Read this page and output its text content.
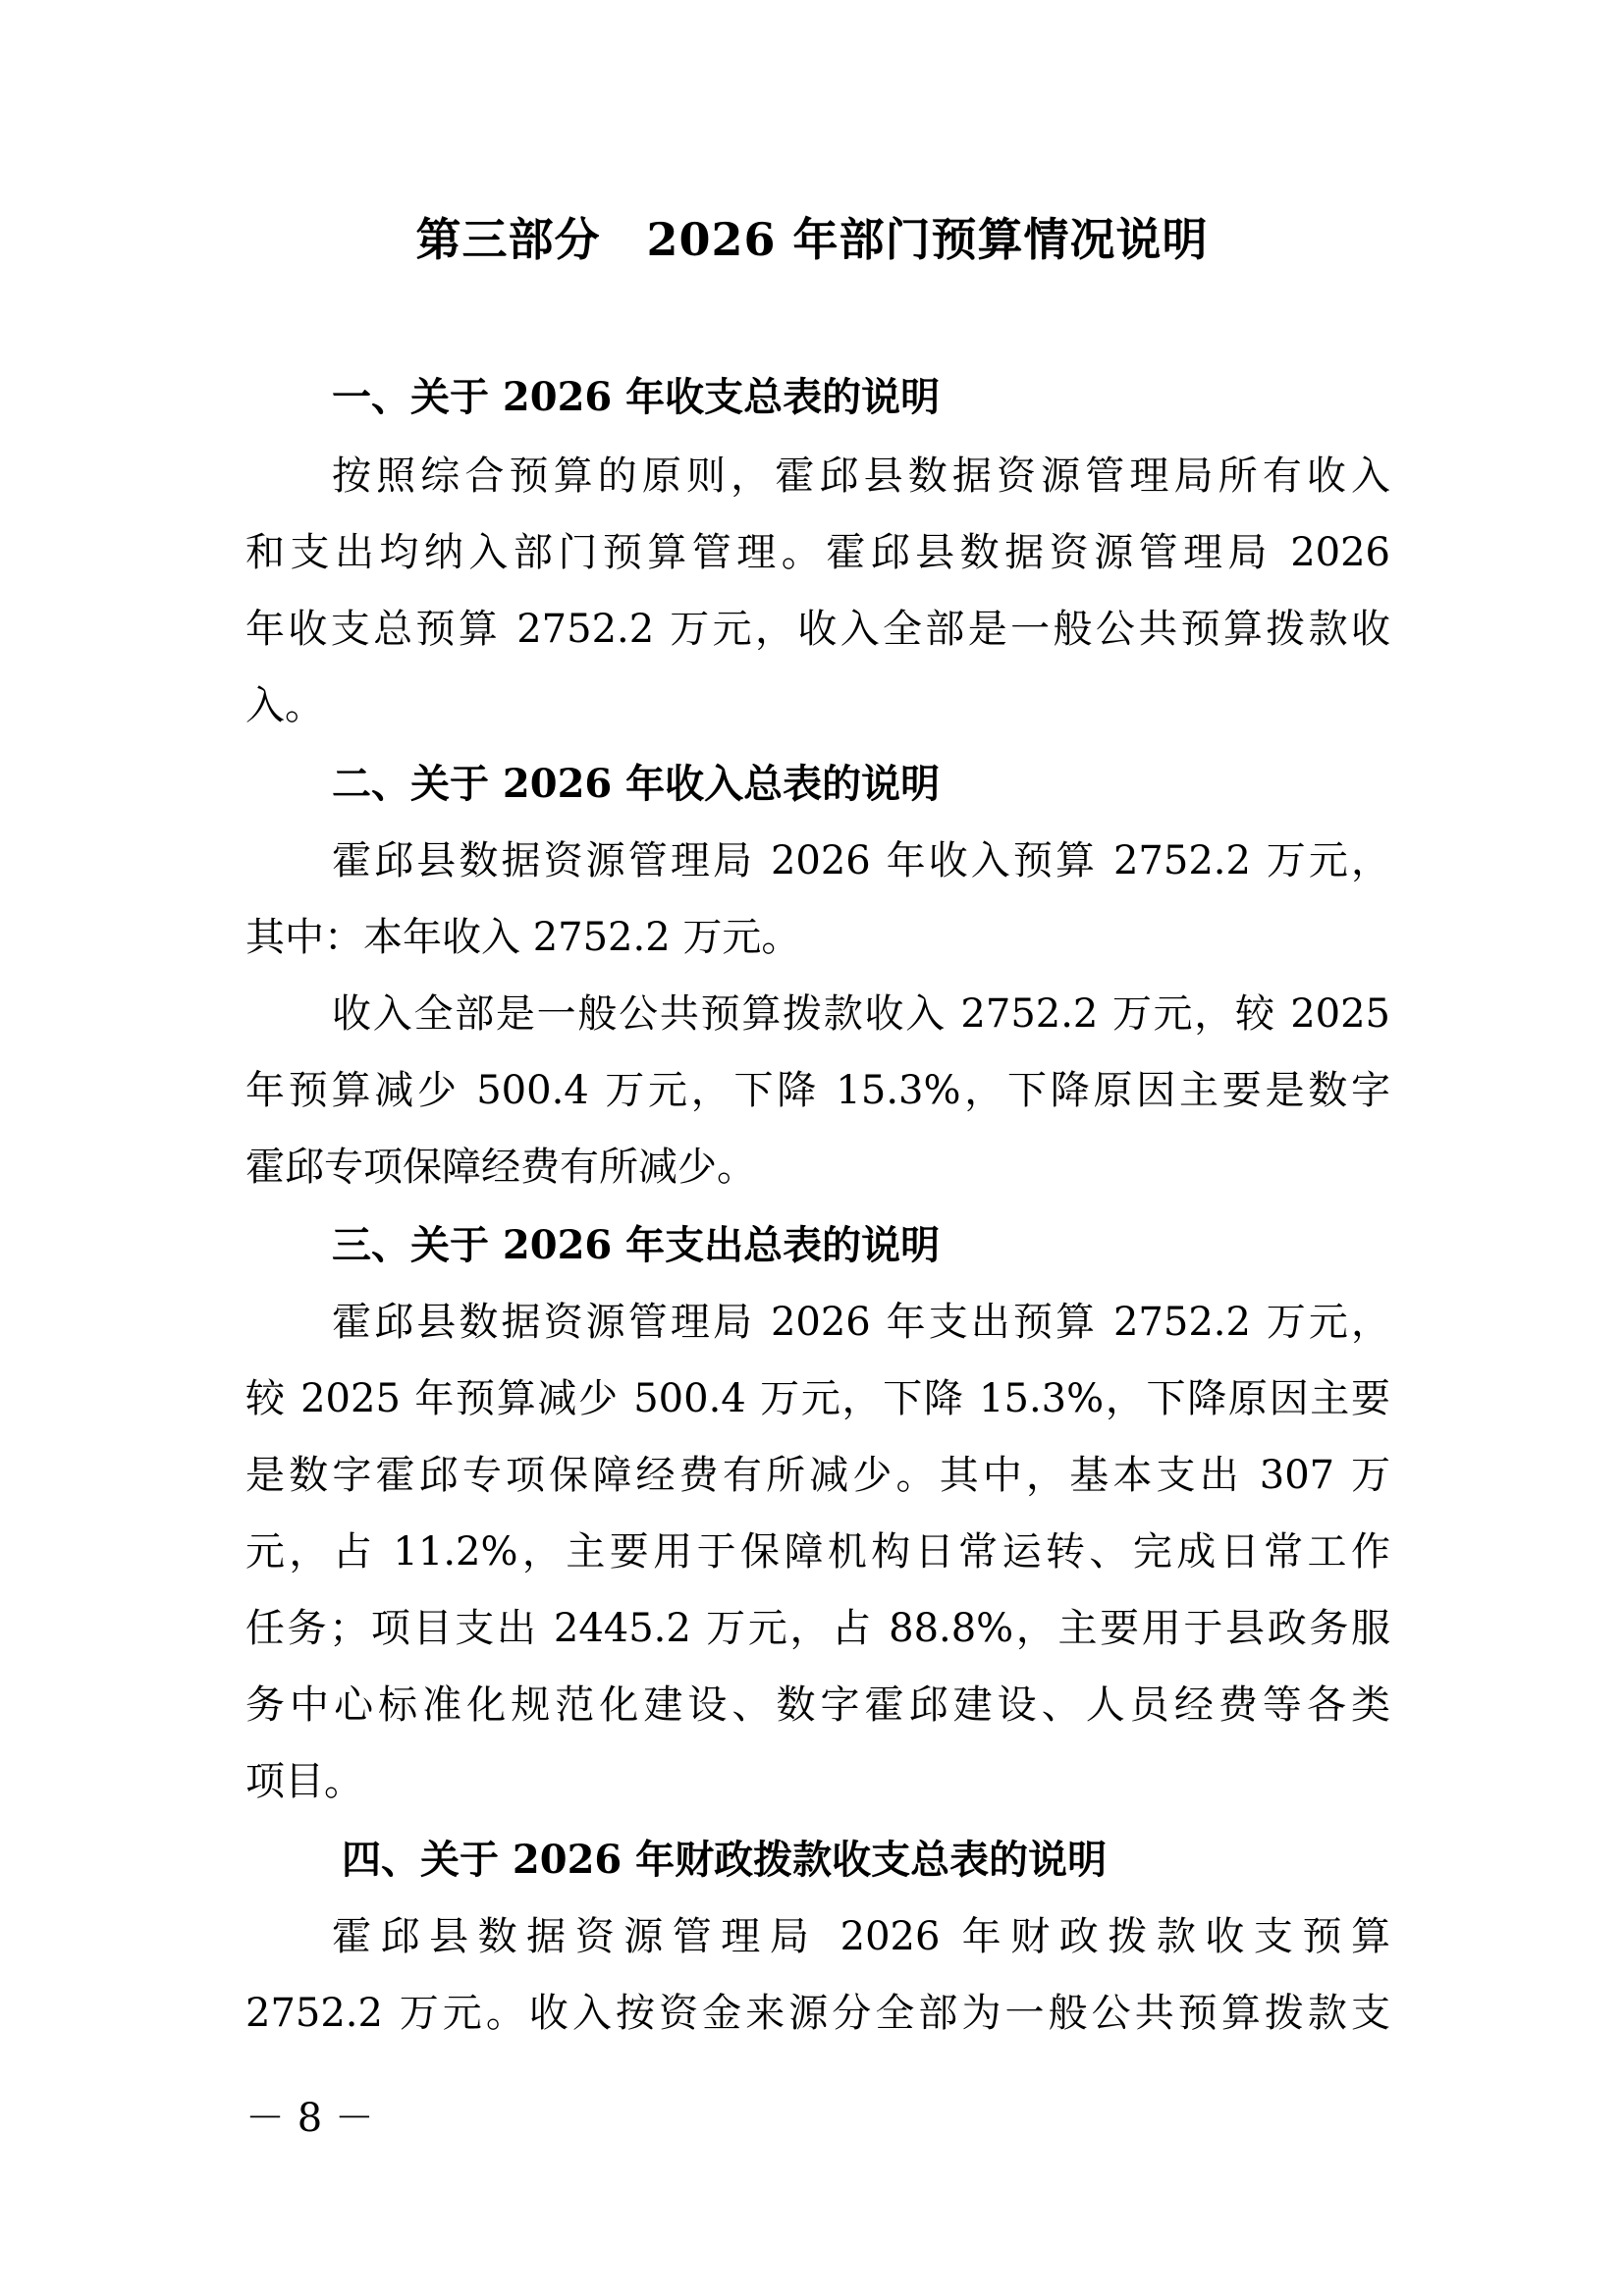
第三部分　2026 年部门预算情况说明
一、关于 2026 年收支总表的说明
按照综合预算的原则，霍邱县数据资源管理局所有收入
和支出均纳入部门预算管理。霍邱县数据资源管理局 2026
年收支总预算 2752.2 万元，收入全部是一般公共预算拨款收
入。
二、关于 2026 年收入总表的说明
霍邱县数据资源管理局 2026 年收入预算 2752.2 万元，
其中：本年收入 2752.2 万元。
收入全部是一般公共预算拨款收入 2752.2 万元，较 2025
年预算减少 500.4 万元，下降 15.3%，下降原因主要是数字
霍邱专项保障经费有所减少。
三、关于 2026 年支出总表的说明
霍邱县数据资源管理局 2026 年支出预算 2752.2 万元，
较 2025 年预算减少 500.4 万元，下降 15.3%，下降原因主要
是数字霍邱专项保障经费有所减少。其中，基本支出 307 万
元，占 11.2%，主要用于保障机构日常运转、完成日常工作
任务；项目支出 2445.2 万元，占 88.8%，主要用于县政务服
务中心标准化规范化建设、数字霍邱建设、人员经费等各类
项目。
四、关于 2026 年财政拨款收支总表的说明
霍邱县数据资源管理局 2026 年财政拨款收支预算
2752.2 万元。收入按资金来源分全部为一般公共预算拨款支
－ 8 －
